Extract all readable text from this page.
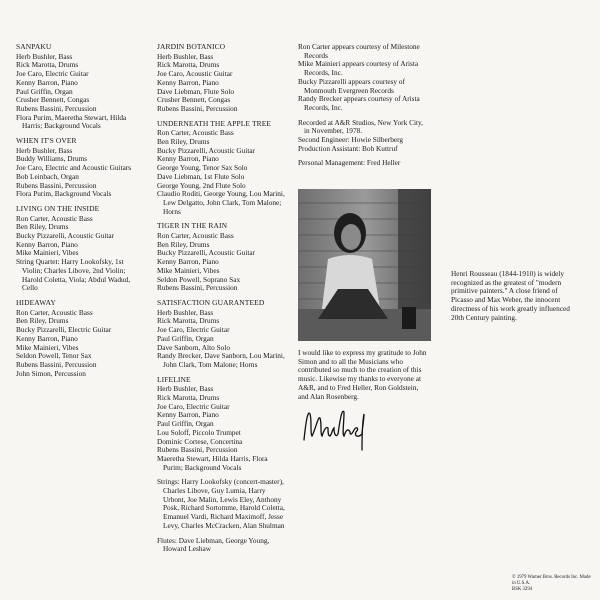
SANPAKU
Herb Bushler, Bass
Rick Marotta, Drums
Joe Caro, Electric Guitar
Kenny Barron, Piano
Paul Griffin, Organ
Crusher Bennett, Congas
Rubens Bassini, Percussion
Flora Purim, Maeretha Stewart, Hilda Harris; Background Vocals
WHEN IT'S OVER
Herb Bushler, Bass
Buddy Williams, Drums
Joe Caro, Electric and Acoustic Guitars
Bob Leinbach, Organ
Rubens Bassini, Percussion
Flora Purim, Background Vocals
LIVING ON THE INSIDE
Ron Carter, Acoustic Bass
Ben Riley, Drums
Bucky Pizzarelli, Acoustic Guitar
Kenny Barron, Piano
Mike Mainieri, Vibes
String Quartet: Harry Lookofsky, 1st Violin; Charles Libove, 2nd Violin; Harold Coletta, Viola; Abdul Wadud, Cello
HIDEAWAY
Ron Carter, Acoustic Bass
Ben Riley, Drums
Bucky Pizzarelli, Electric Guitar
Kenny Barron, Piano
Mike Mainieri, Vibes
Seldon Powell, Tenor Sax
Rubens Bassini, Percussion
John Simon, Percussion
JARDIN BOTANICO
Herb Bushler, Bass
Rick Marotta, Drums
Joe Caro, Acoustic Guitar
Kenny Barron, Piano
Dave Liebman, Flute Solo
Crusher Bennett, Congas
Rubens Bassini, Percussion
UNDERNEATH THE APPLE TREE
Ron Carter, Acoustic Bass
Ben Riley, Drums
Bucky Pizzarelli, Acoustic Guitar
Kenny Barron, Piano
George Young, Tenor Sax Solo
Dave Liebman, 1st Flute Solo
George Young, 2nd Flute Solo
Claudio Roditi, George Young, Lou Marini, Lew Delgatto, John Clark, Tom Malone; Horns
TIGER IN THE RAIN
Ron Carter, Acoustic Bass
Ben Riley, Drums
Bucky Pizzarelli, Acoustic Guitar
Kenny Barron, Piano
Mike Mainieri, Vibes
Seldon Powell, Soprano Sax
Rubens Bassini, Percussion
SATISFACTION GUARANTEED
Herb Bushler, Bass
Rick Marotta, Drums
Joe Caro, Electric Guitar
Paul Griffin, Organ
Dave Sanborn, Alto Solo
Randy Brecker, Dave Sanborn, Lou Marini, John Clark, Tom Malone; Horns
LIFELINE
Herb Bushler, Bass
Rick Marotta, Drums
Joe Caro, Electric Guitar
Kenny Barron, Piano
Paul Griffin, Organ
Lou Soloff, Piccolo Trumpet
Dominic Cortese, Concertina
Rubens Bassini, Percussion
Maeretha Stewart, Hilda Harris, Flora Purim; Background Vocals
Strings: Harry Lookofsky (concert-master), Charles Libove, Guy Lumia, Harry Urbont, Joe Malin, Lewis Eley, Anthony Posk, Richard Sortomme, Harold Coletta, Emanuel Vardi, Richard Maximoff, Jesse Levy, Charles McCracken, Alan Shulman
Flutes: Dave Liebman, George Young, Howard Leshaw
Ron Carter appears courtesy of Milestone Records
Mike Mainieri appears courtesy of Arista Records, Inc.
Bucky Pizzarelli appears courtesy of Monmouth Evergreen Records
Randy Brecker appears courtesy of Arista Records, Inc.
Recorded at A&R Studios, New York City, in November, 1978.
Second Engineer: Howie Silberberg
Production Assistant: Bob Kuttruf
Personal Management: Fred Heller
I would like to express my gratitude to John Simon and to all the Musicians who contributed so much to the creation of this music. Likewise my thanks to everyone at A&R, and to Fred Heller, Ron Goldstein, and Alan Rosenberg.
Henri Rousseau (1844-1910) is widely recognized as the greatest of "modern primitive painters." A close friend of Picasso and Max Weber, the innocent directness of his work greatly influenced 20th Century painting.
© 1979 Warner Bros. Records Inc. Made in U.S.A.
BSK 3294
